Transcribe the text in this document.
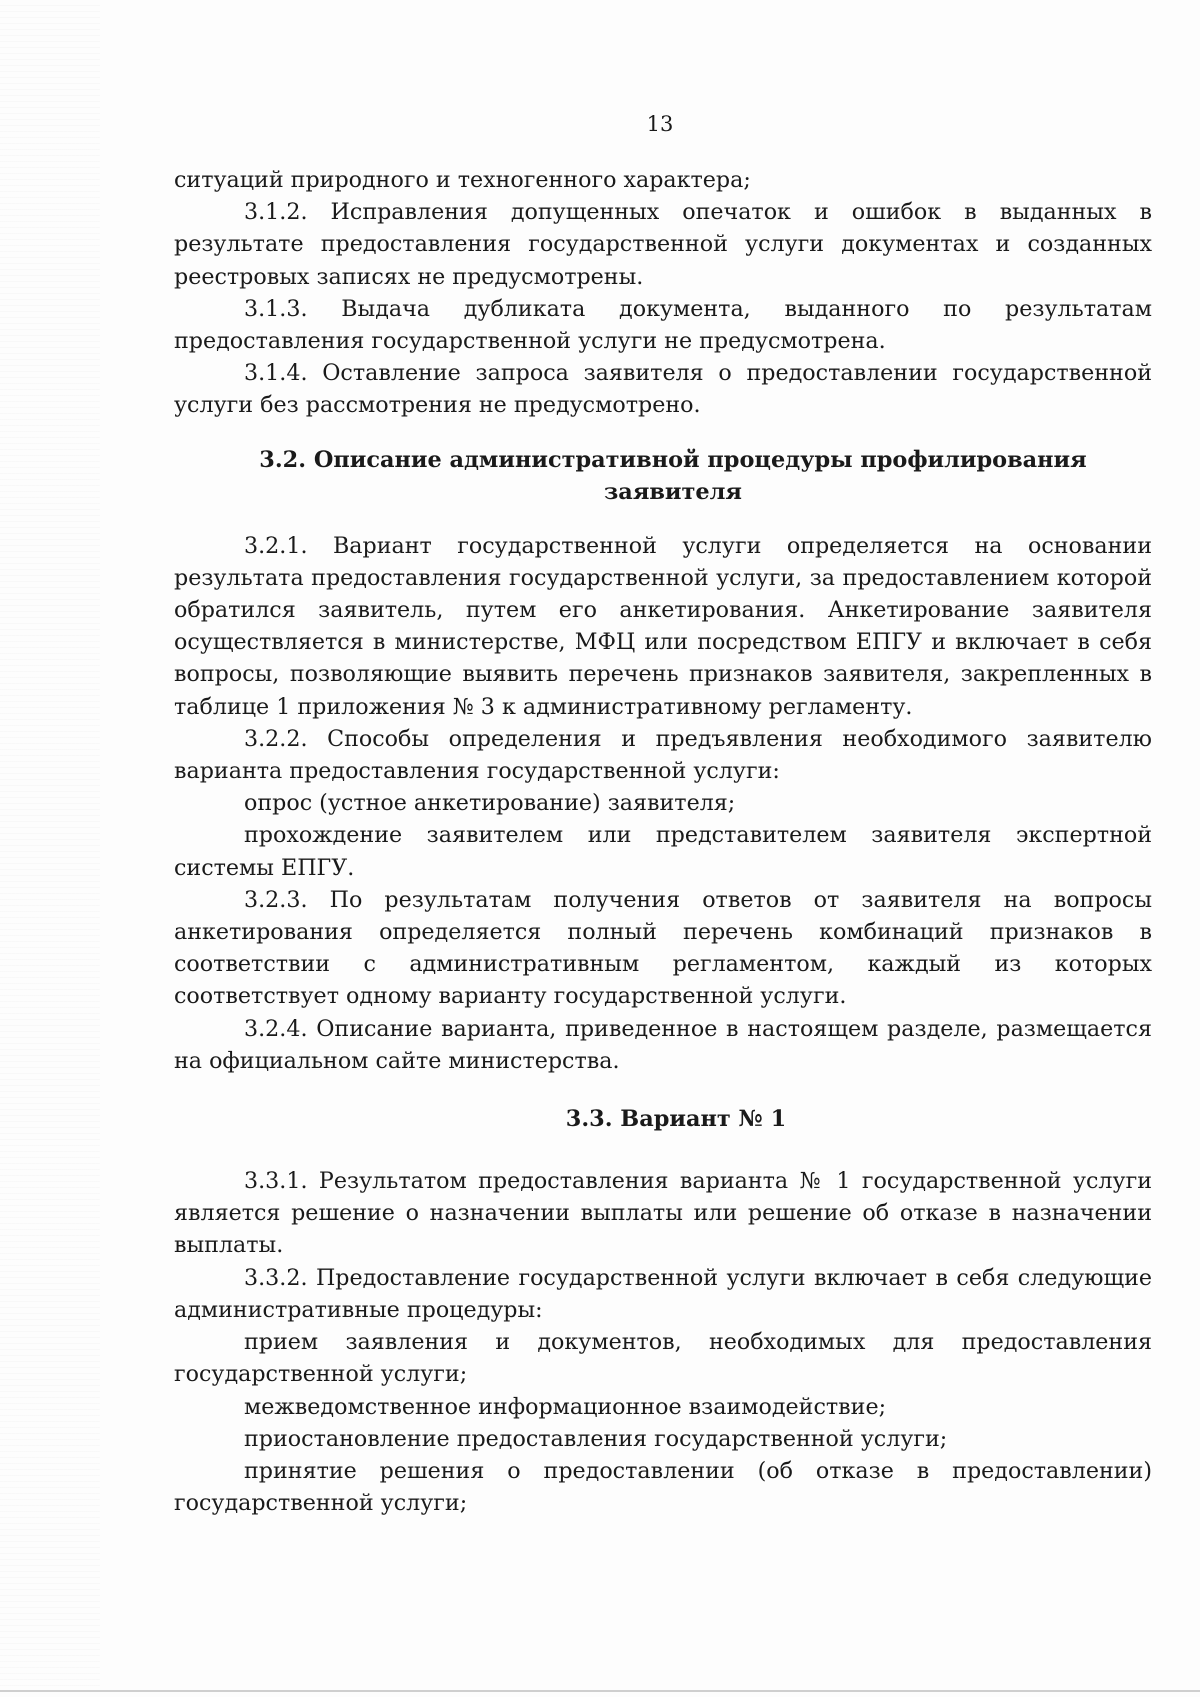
13

ситуаций природного и техногенного характера;

3.1.2. Исправления допущенных опечаток и ошибок в выданных в результате предоставления государственной услуги документах и созданных реестровых записях не предусмотрены.

3.1.3. Выдача дубликата документа, выданного по результатам предоставления государственной услуги не предусмотрена.

3.1.4. Оставление запроса заявителя о предоставлении государственной услуги без рассмотрения не предусмотрено.

3.2. Описание административной процедуры профилирования
заявителя

3.2.1. Вариант государственной услуги определяется на основании результата предоставления государственной услуги, за предоставлением которой обратился заявитель, путем его анкетирования. Анкетирование заявителя осуществляется в министерстве, МФЦ или посредством ЕПГУ и включает в себя вопросы, позволяющие выявить перечень признаков заявителя, закрепленных в таблице 1 приложения № 3 к административному регламенту.

3.2.2. Способы определения и предъявления необходимого заявителю варианта предоставления государственной услуги:

опрос (устное анкетирование) заявителя;

прохождение заявителем или представителем заявителя экспертной системы ЕПГУ.

3.2.3. По результатам получения ответов от заявителя на вопросы анкетирования определяется полный перечень комбинаций признаков в соответствии с административным регламентом, каждый из которых соответствует одному варианту государственной услуги.

3.2.4. Описание варианта, приведенное в настоящем разделе, размещается на официальном сайте министерства.

3.3. Вариант № 1

3.3.1. Результатом предоставления варианта № 1 государственной услуги является решение о назначении выплаты или решение об отказе в назначении выплаты.

3.3.2. Предоставление государственной услуги включает в себя следующие административные процедуры:

прием заявления и документов, необходимых для предоставления государственной услуги;

межведомственное информационное взаимодействие;

приостановление предоставления государственной услуги;

принятие решения о предоставлении (об отказе в предоставлении) государственной услуги;
